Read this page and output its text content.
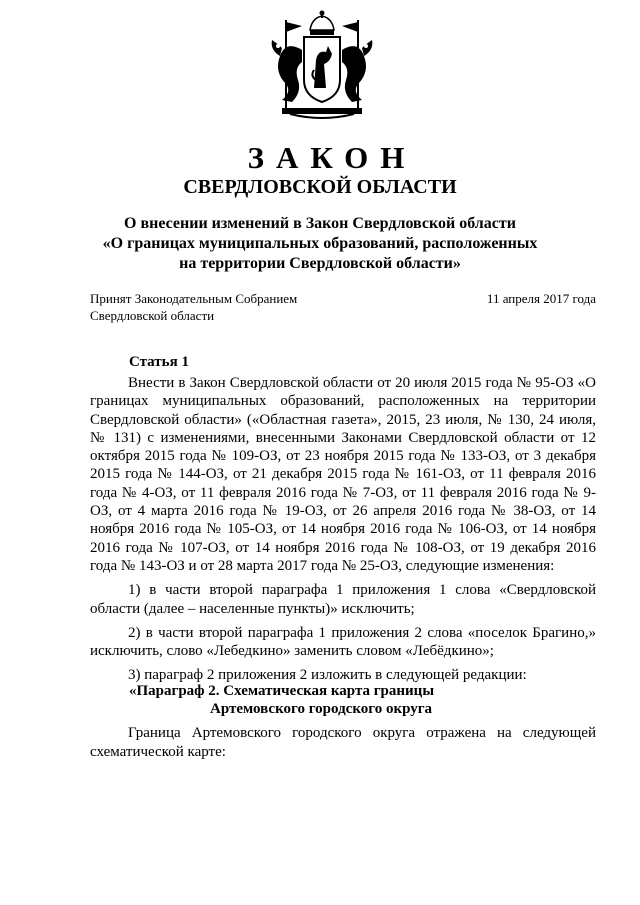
ЗАКОН
СВЕРДЛОВСКОЙ ОБЛАСТИ
О внесении изменений в Закон Свердловской области
«О границах муниципальных образований, расположенных
на территории Свердловской области»
Принят Законодательным Собранием
Свердловской области
11 апреля 2017 года
Статья 1

Внести в Закон Свердловской области от 20 июля 2015 года № 95-ОЗ «О границах муниципальных образований, расположенных на территории Свердловской области» («Областная газета», 2015, 23 июля, № 130, 24 июля, № 131) с изменениями, внесенными Законами Свердловской области от 12 октября 2015 года № 109-ОЗ, от 23 ноября 2015 года № 133-ОЗ, от 3 декабря 2015 года № 144-ОЗ, от 21 декабря 2015 года № 161-ОЗ, от 11 февраля 2016 года № 4-ОЗ, от 11 февраля 2016 года № 7-ОЗ, от 11 февраля 2016 года № 9-ОЗ, от 4 марта 2016 года № 19-ОЗ, от 26 апреля 2016 года № 38-ОЗ, от 14 ноября 2016 года № 105-ОЗ, от 14 ноября 2016 года № 106-ОЗ, от 14 ноября 2016 года № 107-ОЗ, от 14 ноября 2016 года № 108-ОЗ, от 19 декабря 2016 года № 143-ОЗ и от 28 марта 2017 года № 25-ОЗ, следующие изменения:

1) в части второй параграфа 1 приложения 1 слова «Свердловской области (далее – населенные пункты)» исключить;

2) в части второй параграфа 1 приложения 2 слова «поселок Брагино,» исключить, слово «Лебедкино» заменить словом «Лебёдкино»;

3) параграф 2 приложения 2 изложить в следующей редакции:

«Параграф 2. Схематическая карта границы
Артемовского городского округа

Граница Артемовского городского округа отражена на следующей схематической карте:
